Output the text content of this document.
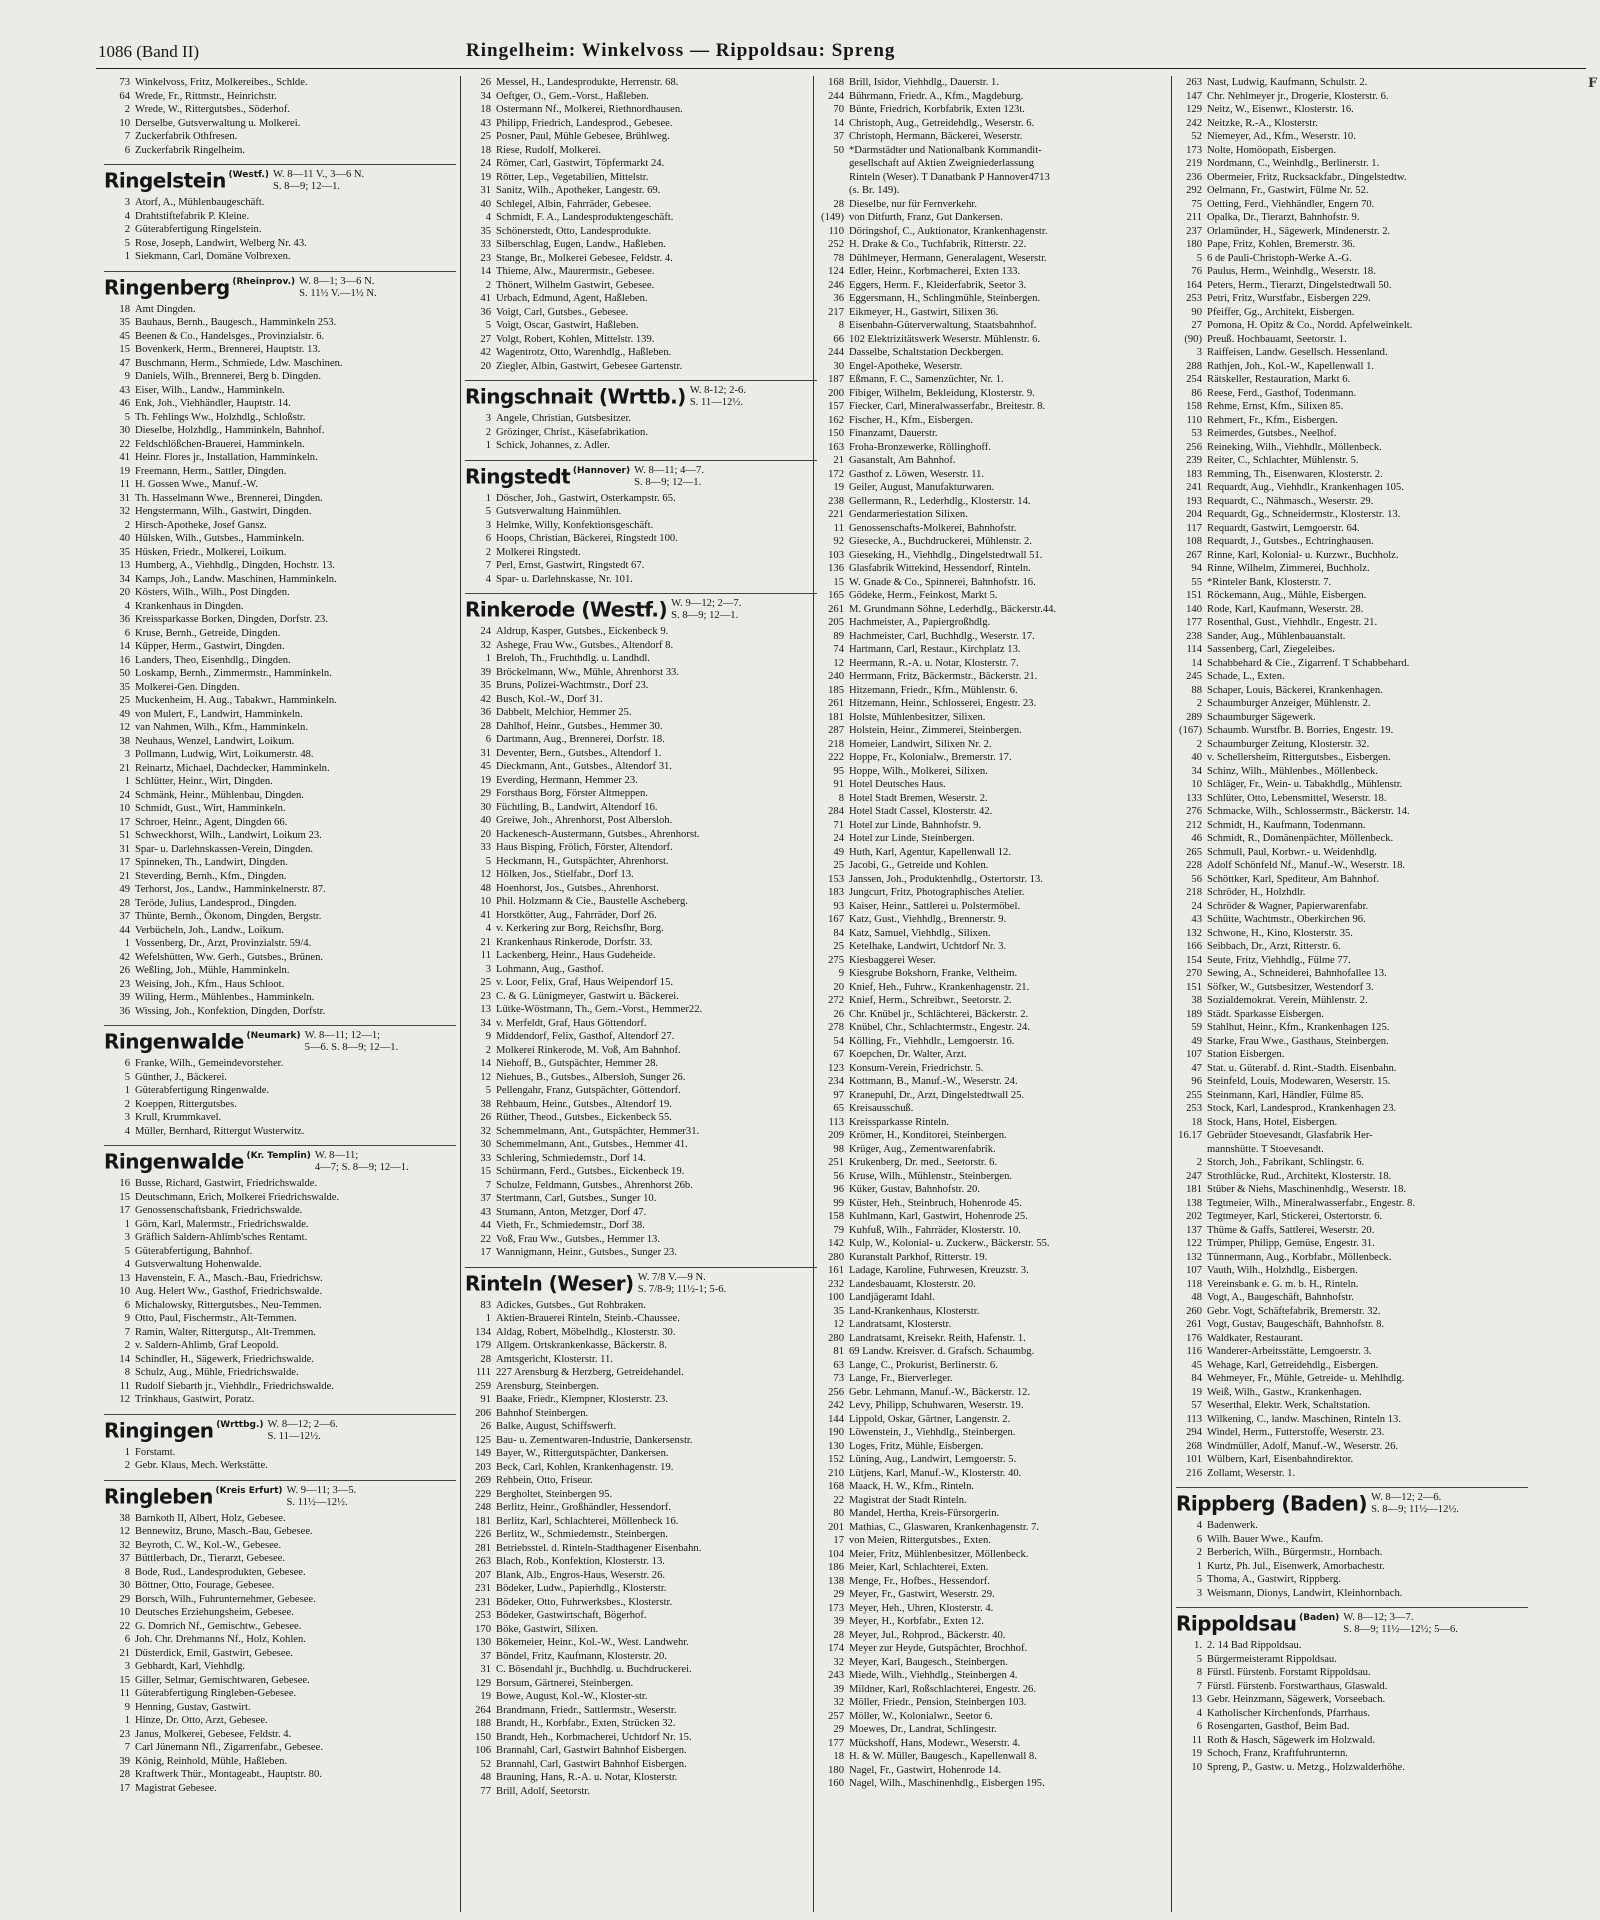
1086 (Band II)	Ringelheim: Winkelvoss — Rippoldsau: Spreng
F
73 Winkelvoss, Fritz, Molkereibes., Schlde.
64 Wrede, Fr., Rittmstr., Heinrichstr.
2 Wrede, W., Rittergutsbes., Söderhof.
10 Derselbe, Gutsverwaltung u. Molkerei.
7 Zuckerfabrik Othfresen.
6 Zuckerfabrik Ringelheim.
Ringelstein $^{(Westf.)}$ W. 8—11 V., 3—6 N.
S. 8—9; 12—1.
3 Atorf, A., Mühlenbaugeschäft.
4 Drahtstiftefabrik P. Kleine.
2 Güterabfertigung Ringelstein.
5 Rose, Joseph, Landwirt, Welberg Nr. 43.
1 Siekmann, Carl, Domäne Volbrexen.
Ringenberg $^{(Rheinprov.)}$ W. 8—1; 3—6 N.
S. 11½ V.—1½ N.
18 Amt Dingden.
35 Bauhaus, Bernh., Baugesch., Hamminkeln 253.
45 Beenen & Co., Handelsges., Provinzialstr. 6.
15 Bovenkerk, Herm., Brennerei, Hauptstr. 13.
47 Buschmann, Herm., Schmiede, Ldw. Maschinen.
9 Daniels, Wilh., Brennerei, Berg b. Dingden.
43 Eiser, Wilh., Landw., Hamminkeln.
46 Enk, Joh., Viehhändler, Hauptstr. 14.
5 Th. Fehlings Ww., Holzhdlg., Schloßstr.
30 Dieselbe, Holzhdlg., Hamminkeln, Bahnhof.
22 Feldschlößchen-Brauerei, Hamminkeln.
41 Heinr. Flores jr., Installation, Hamminkeln.
19 Freemann, Herm., Sattler, Dingden.
11 H. Gossen Wwe., Manuf.-W.
31 Th. Hasselmann Wwe., Brennerei, Dingden.
32 Hengstermann, Wilh., Gastwirt, Dingden.
2 Hirsch-Apotheke, Josef Gansz.
40 Hülsken, Wilh., Gutsbes., Hamminkeln.
35 Hüsken, Friedr., Molkerei, Loikum.
13 Humberg, A., Viehhdlg., Dingden, Hochstr. 13.
34 Kamps, Joh., Landw. Maschinen, Hamminkeln.
20 Kösters, Wilh., Wilh., Post Dingden.
4 Krankenhaus in Dingden.
36 Kreissparkasse Borken, Dingden, Dorfstr. 23.
6 Kruse, Bernh., Getreide, Dingden.
14 Küpper, Herm., Gastwirt, Dingden.
16 Landers, Theo, Eisenhdlg., Dingden.
50 Loskamp, Bernh., Zimmermstr., Hamminkeln.
35 Molkerei-Gen. Dingden.
25 Muckenheim, H. Aug., Tabakwr., Hamminkeln.
49 von Mulert, F., Landwirt, Hamminkeln.
12 van Nahmen, Wilh., Kfm., Hamminkeln.
38 Neuhaus, Wenzel, Landwirt, Loikum.
3 Pollmann, Ludwig, Wirt, Loikumerstr. 48.
21 Reinartz, Michael, Dachdecker, Hamminkeln.
1 Schlütter, Heinr., Wirt, Dingden.
24 Schmänk, Heinr., Mühlenbau, Dingden.
10 Schmidt, Gust., Wirt, Hamminkeln.
17 Schroer, Heinr., Agent, Dingden 66.
51 Schweckhorst, Wilh., Landwirt, Loikum 23.
31 Spar- u. Darlehnskassen-Verein, Dingden.
17 Spinneken, Th., Landwirt, Dingden.
21 Steverding, Bernh., Kfm., Dingden.
49 Terhorst, Jos., Landw., Hamminkelnerstr. 87.
28 Teröde, Julius, Landesprod., Dingden.
37 Thünte, Bernh., Ökonom, Dingden, Bergstr.
44 Verbücheln, Joh., Landw., Loikum.
1 Vossenberg, Dr., Arzt, Provinzialstr. 59/4.
42 Wefelshütten, Ww. Gerh., Gutsbes., Brünen.
26 Weßling, Joh., Mühle, Hamminkeln.
23 Weising, Joh., Kfm., Haus Schloot.
39 Wiling, Herm., Mühlenbes., Hamminkeln.
36 Wissing, Joh., Konfektion, Dingden, Dorfstr.
Ringenwalde $^{(Neumark)}$ W. 8—11; 12—1;
5—6. S. 8—9; 12—1.
6 Franke, Wilh., Gemeindevorsteher.
5 Günther, J., Bäckerei.
1 Güterabfertigung Ringenwalde.
2 Koeppen, Rittergutsbes.
3 Krull, Krummkavel.
4 Müller, Bernhard, Rittergut Wusterwitz.
Ringenwalde $^{(Kr. Templin)}$ W. 8—11;
4—7; S. 8—9; 12—1.
16 Busse, Richard, Gastwirt, Friedrichswalde.
15 Deutschmann, Erich, Molkerei Friedrichswalde.
17 Genossenschaftsbank, Friedrichswalde.
1 Görn, Karl, Malermstr., Friedrichswalde.
3 Gräflich Saldern-Ahlimb'sches Rentamt.
5 Güterabfertigung, Bahnhof.
4 Gutsverwaltung Hohenwalde.
13 Havenstein, F. A., Masch.-Bau, Friedrichsw.
10 Aug. Helert Ww., Gasthof, Friedrichswalde.
6 Michalowsky, Rittergutsbes., Neu-Temmen.
9 Otto, Paul, Fischermstr., Alt-Temmen.
7 Ramin, Walter, Rittergutsp., Alt-Tremmen.
2 v. Saldern-Ahlimb, Graf Leopold.
14 Schindler, H., Sägewerk, Friedrichswalde.
8 Schulz, Aug., Mühle, Friedrichswalde.
11 Rudolf Siebarth jr., Viehhdlr., Friedrichswalde.
12 Trinkhaus, Gastwirt, Poratz.
Ringingen $^{(Wrttbg.)}$ W. 8—12; 2—6.
S. 11—12½.
1 Forstamt.
2 Gebr. Klaus, Mech. Werkstätte.
Ringleben $^{(Kreis Erfurt)}$ W. 9—11; 3—5.
S. 11½—12½.
38 Barnkoth II, Albert, Holz, Gebesee.
12 Bennewitz, Bruno, Masch.-Bau, Gebesee.
32 Beyroth, C. W., Kol.-W., Gebesee.
37 Büttlerbach, Dr., Tierarzt, Gebesee.
8 Bode, Rud., Landesprodukten, Gebesee.
30 Böttner, Otto, Fourage, Gebesee.
29 Borsch, Wilh., Fuhrunternehmer, Gebesee.
10 Deutsches Erziehungsheim, Gebesee.
22 G. Domrich Nf., Gemischtw., Gebesee.
6 Joh. Chr. Drehmanns Nf., Holz, Kohlen.
21 Düsterdick, Emil, Gastwirt, Gebesee.
3 Gebhardt, Karl, Viehhdlg.
15 Giller, Selmar, Gemischtwaren, Gebesee.
11 Güterabfertigung Ringleben-Gebesee.
9 Henning, Gustav, Gastwirt.
1 Hinze, Dr. Otto, Arzt, Gebesee.
23 Janus, Molkerei, Gebesee, Feldstr. 4.
7 Carl Jünemann Nfl., Zigarrenfabr., Gebesee.
39 König, Reinhold, Mühle, Haßleben.
28 Kraftwerk Thür., Montageabt., Hauptstr. 80.
17 Magistrat Gebesee.
26 Messel, H., Landesprodukte, Herrenstr. 68.
34 Oeftger, O., Gem.-Vorst., Haßleben.
18 Ostermann Nf., Molkerei, Riethnordhausen.
43 Philipp, Friedrich, Landesprod., Gebesee.
25 Posner, Paul, Mühle Gebesee, Brühlweg.
18 Riese, Rudolf, Molkerei.
24 Römer, Carl, Gastwirt, Töpfermarkt 24.
19 Rötter, Lep., Vegetabilien, Mittelstr.
31 Sanitz, Wilh., Apotheker, Langestr. 69.
40 Schlegel, Albin, Fahrräder, Gebesee.
4 Schmidt, F. A., Landesproduktengeschäft.
35 Schönerstedt, Otto, Landesprodukte.
33 Silberschlag, Eugen, Landw., Haßleben.
23 Stange, Br., Molkerei Gebesee, Feldstr. 4.
14 Thieme, Alw., Maurermstr., Gebesee.
2 Thönert, Wilhelm Gastwirt, Gebesee.
41 Urbach, Edmund, Agent, Haßleben.
36 Voigt, Carl, Gutsbes., Gebesee.
5 Voigt, Oscar, Gastwirt, Haßleben.
27 Volgt, Robert, Kohlen, Mittelstr. 139.
42 Wagentrotz, Otto, Warenhdlg., Haßleben.
20 Ziegler, Albin, Gastwirt, Gebesee Gartenstr.
Ringschnait (Wrttb.) W. 8-12; 2-6.
S. 11—12½.
3 Angele, Christian, Gutsbesitzer.
2 Grözinger, Christ., Käsefabrikation.
1 Schick, Johannes, z. Adler.
Ringstedt $^{(Hannover)}$ W. 8—11; 4—7.
S. 8—9; 12—1.
1 Döscher, Joh., Gastwirt, Osterkampstr. 65.
5 Gutsverwaltung Hainmühlen.
3 Helmke, Willy, Konfektionsgeschäft.
6 Hoops, Christian, Bäckerei, Ringstedt 100.
2 Molkerei Ringstedt.
7 Perl, Ernst, Gastwirt, Ringstedt 67.
4 Spar- u. Darlehnskasse, Nr. 101.
Rinkerode (Westf.) W. 9—12; 2—7.
S. 8—9; 12—1.
24 Aldrup, Kasper, Gutsbes., Eickenbeck 9.
32 Ashege, Frau Ww., Gutsbes., Altendorf 8.
1 Breloh, Th., Fruchthdlg. u. Landhdl.
39 Bröckelmann, Ww., Mühle, Ahrenhorst 33.
35 Bruns, Polizei-Wachtmstr., Dorf 23.
42 Busch, Kol.-W., Dorf 31.
36 Dabbelt, Melchior, Hemmer 25.
28 Dahlhof, Heinr., Gutsbes., Hemmer 30.
6 Dartmann, Aug., Brennerei, Dorfstr. 18.
31 Deventer, Bern., Gutsbes., Altendorf 1.
45 Dieckmann, Ant., Gutsbes., Altendorf 31.
19 Everding, Hermann, Hemmer 23.
29 Forsthaus Borg, Förster Altmeppen.
30 Füchtling, B., Landwirt, Altendorf 16.
40 Greiwe, Joh., Ahrenhorst, Post Albersloh.
20 Hackenesch-Austermann, Gutsbes., Ahrenhorst.
33 Haus Bisping, Frölich, Förster, Altendorf.
5 Heckmann, H., Gutspächter, Ahrenhorst.
12 Hölken, Jos., Stielfabr., Dorf 13.
48 Hoenhorst, Jos., Gutsbes., Ahrenhorst.
10 Phil. Holzmann & Cie., Baustelle Ascheberg.
41 Horstkötter, Aug., Fahrräder, Dorf 26.
4 v. Kerkering zur Borg, Reichsfhr, Borg.
21 Krankenhaus Rinkerode, Dorfstr. 33.
11 Lackenberg, Heinr., Haus Gudeheide.
3 Lohmann, Aug., Gasthof.
25 v. Loor, Felix, Graf, Haus Weipendorf 15.
23 C. & G. Lünigmeyer, Gastwirt u. Bäckerei.
13 Lütke-Wöstmann, Th., Gem.-Vorst., Hemmer22.
34 v. Merfeldt, Graf, Haus Göttendorf.
9 Middendorf, Felix, Gasthof, Altendorf 27.
2 Molkerei Rinkerode, M. Voß, Am Bahnhof.
14 Niehoff, B., Gutspächter, Hemmer 28.
12 Niehues, B., Gutsbes., Albersloh, Sunger 26.
5 Pellengahr, Franz, Gutspächter, Göttendorf.
38 Rehbaum, Heinr., Gutsbes., Altendorf 19.
26 Rüther, Theod., Gutsbes., Eickenbeck 55.
32 Schemmelmann, Ant., Gutspächter, Hemmer31.
30 Schemmelmann, Ant., Gutsbes., Hemmer 41.
33 Schlering, Schmiedemstr., Dorf 14.
15 Schürmann, Ferd., Gutsbes., Eickenbeck 19.
7 Schulze, Feldmann, Gutsbes., Ahrenhorst 26b.
37 Stertmann, Carl, Gutsbes., Sunger 10.
43 Stumann, Anton, Metzger, Dorf 47.
44 Vieth, Fr., Schmiedemstr., Dorf 38.
22 Voß, Frau Ww., Gutsbes., Hemmer 13.
17 Wannigmann, Heinr., Gutsbes., Sunger 23.
Rinteln (Weser) W. 7/8 V.—9 N.
S. 7/8-9; 11½-1; 5-6.
83 Adickes, Gutsbes., Gut Rohbraken.
1 Aktien-Brauerei Rinteln, Steinb.-Chaussee.
134 Aldag, Robert, Möbelhdlg., Klosterstr. 30.
179 Allgem. Ortskrankenkasse, Bäckerstr. 8.
28 Amtsgericht, Klosterstr. 11.
111 227 Arensburg & Herzberg, Getreidehandel.
259 Arensburg, Steinbergen.
91 Baake, Friedr., Klempner, Klosterstr. 23.
206 Bahnhof Steinbergen.
26 Balke, August, Schiffswerft.
125 Bau- u. Zementwaren-Industrie, Dankersenstr.
149 Bayer, W., Rittergutspächter, Dankersen.
203 Beck, Carl, Kohlen, Krankenhagenstr. 19.
269 Rehbein, Otto, Friseur.
229 Bergholtet, Steinbergen 95.
248 Berlitz, Heinr., Großhändler, Hessendorf.
181 Berlitz, Karl, Schlachterei, Möllenbeck 16.
226 Berlitz, W., Schmiedemstr., Steinbergen.
281 Betriebsstel. d. Rinteln-Stadthagener Eisenbahn.
263 Blach, Rob., Konfektion, Klosterstr. 13.
207 Blank, Alb., Engros-Haus, Weserstr. 26.
231 Bödeker, Ludw., Papierhdlg., Klosterstr.
231 Bödeker, Otto, Fuhrwerksbes., Klosterstr.
253 Bödeker, Gastwirtschaft, Bögerhof.
170 Böke, Gastwirt, Silixen.
130 Bökemeier, Heinr., Kol.-W., West. Landwehr.
37 Böndel, Fritz, Kaufmann, Klosterstr. 20.
31 C. Bösendahl jr., Buchhdlg. u. Buchdruckerei.
129 Borsum, Gärtnerei, Steinbergen.
19 Bowe, August, Kol.-W., Kloster-str.
264 Brandmann, Friedr., Sattlermstr., Weserstr.
188 Brandt, H., Korbfabr., Exten, Strücken 32.
150 Brandt, Heh., Korbmacherei, Uchtdorf Nr. 15.
106 Brannahl, Carl, Gastwirt Bahnhof Eisbergen.
52 Brannahl, Carl, Gastwirt Bahnhof Eisbergen.
48 Brauning, Hans, R.-A. u. Notar, Klosterstr.
77 Brill, Adolf, Seetorstr.
168 Brill, Isidor, Viehhdlg., Dauerstr. 1.
244 Bührmann, Friedr. A., Kfm., Magdeburg.
70 Bünte, Friedrich, Korbfabrik, Exten 123t.
14 Christoph, Aug., Getreidehdlg., Weserstr. 6.
37 Christoph, Hermann, Bäckerei, Weserstr.
50 *Darmstädter und Nationalbank Kommandit-
gesellschaft auf Aktien Zweigniederlassung
Rinteln (Weser). T Danatbank P Hannover4713
(s. Br. 149).
28 Dieselbe, nur für Fernverkehr.
(149) von Ditfurth, Franz, Gut Dankersen.
110 Döringshof, C., Auktionator, Krankenhagenstr.
252 H. Drake & Co., Tuchfabrik, Ritterstr. 22.
78 Dühlmeyer, Hermann, Generalagent, Weserstr.
124 Edler, Heinr., Korbmacherei, Exten 133.
246 Eggers, Herm. F., Kleiderfabrik, Seetor 3.
36 Eggersmann, H., Schlingmühle, Steinbergen.
217 Eikmeyer, H., Gastwirt, Silixen 36.
8 Eisenbahn-Güterverwaltung, Staatsbahnhof.
66 102 Elektrizitätswerk Weserstr. Mühlenstr. 6.
244 Dasselbe, Schaltstation Deckbergen.
30 Engel-Apotheke, Weserstr.
187 Eßmann, F. C., Samenzüchter, Nr. 1.
200 Fibiger, Wilhelm, Bekleidung, Klosterstr. 9.
157 Fiecker, Carl, Mineralwasserfabr., Breitestr. 8.
162 Fischer, H., Kfm., Eisbergen.
150 Finanzamt, Dauerstr.
163 Froha-Bronzewerke, Röllinghoff.
21 Gasanstalt, Am Bahnhof.
172 Gasthof z. Löwen, Weserstr. 11.
19 Geiler, August, Manufakturwaren.
238 Gellermann, R., Lederhdlg., Klosterstr. 14.
221 Gendarmeriestation Silixen.
11 Genossenschafts-Molkerei, Bahnhofstr.
92 Giesecke, A., Buchdruckerei, Mühlenstr. 2.
103 Gieseking, H., Viehhdlg., Dingelstedtwall 51.
136 Glasfabrik Wittekind, Hessendorf, Rinteln.
15 W. Gnade & Co., Spinnerei, Bahnhofstr. 16.
165 Gödeke, Herm., Feinkost, Markt 5.
261 M. Grundmann Söhne, Lederhdlg., Bäckerstr.44.
205 Hachmeister, A., Papiergroßhdlg.
89 Hachmeister, Carl, Buchhdlg., Weserstr. 17.
74 Hartmann, Carl, Restaur., Kirchplatz 13.
12 Heermann, R.-A. u. Notar, Klosterstr. 7.
240 Herrmann, Fritz, Bäckermstr., Bäckerstr. 21.
185 Hitzemann, Friedr., Kfm., Mühlenstr. 6.
261 Hitzemann, Heinr., Schlosserei, Engestr. 23.
181 Holste, Mühlenbesitzer, Silixen.
287 Holstein, Heinr., Zimmerei, Steinbergen.
218 Homeier, Landwirt, Silixen Nr. 2.
222 Hoppe, Fr., Kolonialw., Bremerstr. 17.
95 Hoppe, Wilh., Molkerei, Silixen.
91 Hotel Deutsches Haus.
8 Hotel Stadt Bremen, Weserstr. 2.
284 Hotel Stadt Cassel, Klosterstr. 42.
71 Hotel zur Linde, Bahnhofstr. 9.
24 Hotel zur Linde, Steinbergen.
49 Huth, Karl, Agentur, Kapellenwall 12.
25 Jacobi, G., Getreide und Kohlen.
153 Janssen, Joh., Produktenhdlg., Ostertorstr. 13.
183 Jungcurt, Fritz, Photographisches Atelier.
93 Kaiser, Heinr., Sattlerei u. Polstermöbel.
167 Katz, Gust., Viehhdlg., Brennerstr. 9.
84 Katz, Samuel, Viehhdlg., Silixen.
25 Ketelhake, Landwirt, Uchtdorf Nr. 3.
275 Kiesbaggerei Weser.
9 Kiesgrube Bokshorn, Franke, Veltheim.
20 Knief, Heh., Fuhrw., Krankenhagenstr. 21.
272 Knief, Herm., Schreibwr., Seetorstr. 2.
26 Chr. Knübel jr., Schlächterei, Bäckerstr. 2.
278 Knübel, Chr., Schlachtermstr., Engestr. 24.
54 Kölling, Fr., Viehhdlr., Lemgoerstr. 16.
67 Koepchen, Dr. Walter, Arzt.
123 Konsum-Verein, Friedrichstr. 5.
234 Kottmann, B., Manuf.-W., Weserstr. 24.
97 Kranepuhl, Dr., Arzt, Dingelstedtwall 25.
65 Kreisausschuß.
113 Kreissparkasse Rinteln.
209 Krömer, H., Konditorei, Steinbergen.
98 Krüger, Aug., Zementwarenfabrik.
251 Krukenberg, Dr. med., Seetorstr. 6.
56 Kruse, Wilh., Mühlenstr., Steinbergen.
96 Küker, Gustav, Bahnhofstr. 20.
99 Küster, Heh., Steinbruch, Hohenrode 45.
158 Kuhlmann, Karl, Gastwirt, Hohenrode 25.
79 Kuhfuß, Wilh., Fahrräder, Klosterstr. 10.
142 Kulp, W., Kolonial- u. Zuckerw., Bäckerstr. 55.
280 Kuranstalt Parkhof, Ritterstr. 19.
161 Ladage, Karoline, Fuhrwesen, Kreuzstr. 3.
232 Landesbauamt, Klosterstr. 20.
100 Landjägeramt Idahl.
35 Land-Krankenhaus, Klosterstr.
12 Landratsamt, Klosterstr.
280 Landratsamt, Kreisekr. Reith, Hafenstr. 1.
81 69 Landw. Kreisver. d. Grafsch. Schaumbg.
63 Lange, C., Prokurist, Berlinerstr. 6.
73 Lange, Fr., Bierverleger.
256 Gebr. Lehmann, Manuf.-W., Bäckerstr. 12.
242 Levy, Philipp, Schuhwaren, Weserstr. 19.
144 Lippold, Oskar, Gärtner, Langenstr. 2.
190 Löwenstein, J., Viehhdlg., Steinbergen.
130 Loges, Fritz, Mühle, Eisbergen.
152 Lüning, Aug., Landwirt, Lemgoerstr. 5.
210 Lütjens, Karl, Manuf.-W., Klosterstr. 40.
168 Maack, H. W., Kfm., Rinteln.
22 Magistrat der Stadt Rinteln.
80 Mandel, Hertha, Kreis-Fürsorgerin.
201 Mathias, C., Glaswaren, Krankenhagenstr. 7.
17 von Meien, Rittergutsbes., Exten.
104 Meier, Fritz, Mühlenbesitzer, Möllenbeck.
186 Meier, Karl, Schlachterei, Exten.
138 Menge, Fr., Hofbes., Hessendorf.
29 Meyer, Fr., Gastwirt, Weserstr. 29.
173 Meyer, Heh., Uhren, Klosterstr. 4.
39 Meyer, H., Korbfabr., Exten 12.
28 Meyer, Jul., Rohprod., Bäckerstr. 40.
174 Meyer zur Heyde, Gutspächter, Brochhof.
32 Meyer, Karl, Baugesch., Steinbergen.
243 Miede, Wilh., Viehhdlg., Steinbergen 4.
39 Mildner, Karl, Roßschlachterei, Engestr. 26.
32 Möller, Friedr., Pension, Steinbergen 103.
257 Möller, W., Kolonialwr., Seetor 6.
29 Moewes, Dr., Landrat, Schlingestr.
177 Mückshoff, Hans, Modewr., Weserstr. 4.
18 H. & W. Müller, Baugesch., Kapellenwall 8.
180 Nagel, Fr., Gastwirt, Hohenrode 14.
160 Nagel, Wilh., Maschinenhdlg., Eisbergen 195.
263 Nast, Ludwig, Kaufmann, Schulstr. 2.
147 Chr. Nehlmeyer jr., Drogerie, Klosterstr. 6.
129 Neitz, W., Eisenwr., Klosterstr. 16.
242 Neitzke, R.-A., Klosterstr.
52 Niemeyer, Ad., Kfm., Weserstr. 10.
173 Nolte, Homöopath, Eisbergen.
219 Nordmann, C., Weinhdlg., Berlinerstr. 1.
236 Obermeier, Fritz, Rucksackfabr., Dingelstedtw.
292 Oelmann, Fr., Gastwirt, Fülme Nr. 52.
75 Oetting, Ferd., Viehhändler, Engern 70.
211 Opalka, Dr., Tierarzt, Bahnhofstr. 9.
237 Orlamünder, H., Sägewerk, Mindenerstr. 2.
180 Pape, Fritz, Kohlen, Bremerstr. 36.
5 6 de Pauli-Christoph-Werke A.-G.
76 Paulus, Herm., Weinhdlg., Weserstr. 18.
164 Peters, Herm., Tierarzt, Dingelstedtwall 50.
253 Petri, Fritz, Wurstfabr., Eisbergen 229.
90 Pfeiffer, Gg., Architekt, Eisbergen.
27 Pomona, H. Opitz & Co., Nordd. Apfelweinkelt.
(90) Preuß. Hochbauamt, Seetorstr. 1.
3 Raiffeisen, Landw. Gesellsch. Hessenland.
288 Rathjen, Joh., Kol.-W., Kapellenwall 1.
254 Rätskeller, Restauration, Markt 6.
86 Reese, Ferd., Gasthof, Todenmann.
158 Rehme, Ernst, Kfm., Silixen 85.
110 Rehmert, Fr., Kfm., Eisbergen.
53 Reimerdes, Gutsbes., Neelhof.
256 Reineking, Wilh., Viehhdlr., Möllenbeck.
239 Reiter, C., Schlachter, Mühlenstr. 5.
183 Remming, Th., Eisenwaren, Klosterstr. 2.
241 Requardt, Aug., Viehhdlr., Krankenhagen 105.
193 Requardt, C., Nähmasch., Weserstr. 29.
204 Requardt, Gg., Schneidermstr., Klosterstr. 13.
117 Requardt, Gastwirt, Lemgoerstr. 64.
108 Requardt, J., Gutsbes., Echtringhausen.
267 Rinne, Karl, Kolonial- u. Kurzwr., Buchholz.
94 Rinne, Wilhelm, Zimmerei, Buchholz.
55 *Rinteler Bank, Klosterstr. 7.
151 Röckemann, Aug., Mühle, Eisbergen.
140 Rode, Karl, Kaufmann, Weserstr. 28.
177 Rosenthal, Gust., Viehhdlr., Engestr. 21.
238 Sander, Aug., Mühlenbauanstalt.
114 Sassenberg, Carl, Ziegeleibes.
14 Schabbehard & Cie., Zigarrenf. T Schabbehard.
245 Schade, L., Exten.
88 Schaper, Louis, Bäckerei, Krankenhagen.
2 Schaumburger Anzeiger, Mühlenstr. 2.
289 Schaumburger Sägewerk.
(167) Schaumb. Wurstfbr. B. Borries, Engestr. 19.
2 Schaumburger Zeitung, Klosterstr. 32.
40 v. Schellersheim, Rittergutsbes., Eisbergen.
34 Schinz, Wilh., Mühlenbes., Möllenbeck.
10 Schläger, Fr., Wein- u. Tabakhdlg., Mühlenstr.
133 Schlüter, Otto, Lebensmittel, Weserstr. 18.
276 Schmacke, Wilh., Schlossermstr., Bäckerstr. 14.
212 Schmidt, H., Kaufmann, Todenmann.
46 Schmidt, R., Domänenpächter, Möllenbeck.
265 Schmull, Paul, Korbwr.- u. Weidenhdlg.
228 Adolf Schönfeld Nf., Manuf.-W., Weserstr. 18.
56 Schöttker, Karl, Spediteur, Am Bahnhof.
218 Schröder, H., Holzhdlr.
24 Schröder & Wagner, Papierwarenfabr.
43 Schütte, Wachtmstr., Oberkirchen 96.
132 Schwone, H., Kino, Klosterstr. 35.
166 Seibbach, Dr., Arzt, Ritterstr. 6.
154 Seute, Fritz, Viehhdlg., Fülme 77.
270 Sewing, A., Schneiderei, Bahnhofallee 13.
151 Söfker, W., Gutsbesitzer, Westendorf 3.
38 Sozialdemokrat. Verein, Mühlenstr. 2.
189 Städt. Sparkasse Eisbergen.
59 Stahlhut, Heinr., Kfm., Krankenhagen 125.
49 Starke, Frau Wwe., Gasthaus, Steinbergen.
107 Station Eisbergen.
47 Stat. u. Güterabf. d. Rint.-Stadth. Eisenbahn.
96 Steinfeld, Louis, Modewaren, Weserstr. 15.
255 Steinmann, Karl, Händler, Fülme 85.
253 Stock, Karl, Landesprod., Krankenhagen 23.
18 Stock, Hans, Hotel, Eisbergen.
16.17 Gebrüder Stoevesandt, Glasfabrik Her-
mannshütte. T Stoevesandt.
2 Storch, Joh., Fabrikant, Schlingstr. 6.
247 Strothlücke, Rud., Architekt, Klosterstr. 18.
181 Stüber & Niehs, Maschinenhdlg., Weserstr. 18.
138 Tegtmeier, Wilh., Mineralwasserfabr., Engestr. 8.
202 Tegtmeyer, Karl, Stickerei, Ostertorstr. 6.
137 Thüme & Gaffs, Sattlerei, Weserstr. 20.
122 Trümper, Philipp, Gemüse, Engestr. 31.
132 Tünnermann, Aug., Korbfabr., Möllenbeck.
107 Vauth, Wilh., Holzhdlg., Eisbergen.
118 Vereinsbank e. G. m. b. H., Rinteln.
48 Vogt, A., Baugeschäft, Bahnhofstr.
260 Gebr. Vogt, Schäftefabrik, Bremerstr. 32.
261 Vogt, Gustav, Baugeschäft, Bahnhofstr. 8.
176 Waldkater, Restaurant.
116 Wanderer-Arbeitsstätte, Lemgoerstr. 3.
45 Wehage, Karl, Getreidehdlg., Eisbergen.
84 Wehmeyer, Fr., Mühle, Getreide- u. Mehlhdlg.
19 Weiß, Wilh., Gastw., Krankenhagen.
57 Weserthal, Elektr. Werk, Schaltstation.
113 Wilkening, C., landw. Maschinen, Rinteln 13.
294 Windel, Herm., Futterstoffe, Weserstr. 23.
268 Windmüller, Adolf, Manuf.-W., Weserstr. 26.
101 Wülbern, Karl, Eisenbahndirektor.
216 Zollamt, Weserstr. 1.
Rippberg (Baden) W. 8—12; 2—6.
S. 8—9; 11½—12½.
4 Badenwerk.
6 Wilh. Bauer Wwe., Kaufm.
2 Berberich, Wilh., Bürgermstr., Hornbach.
1 Kurtz, Ph. Jul., Eisenwerk, Amorbachestr.
5 Thoma, A., Gastwirt, Rippberg.
3 Weismann, Dionys, Landwirt, Kleinhornbach.
Rippoldsau $^{(Baden)}$ W. 8—12; 3—7.
S. 8—9; 11½—12½; 5—6.
1. 2. 14 Bad Rippoldsau.
5 Bürgermeisteramt Rippoldsau.
8 Fürstl. Fürstenb. Forstamt Rippoldsau.
7 Fürstl. Fürstenb. Forstwarthaus, Glaswald.
13 Gebr. Heinzmann, Sägewerk, Vorseebach.
4 Katholischer Kirchenfonds, Pfarrhaus.
6 Rosengarten, Gasthof, Beim Bad.
11 Roth & Hasch, Sägewerk im Holzwald.
19 Schoch, Franz, Kraftfuhrunternn.
10 Spreng, P., Gastw. u. Metzg., Holzwalderhöhe.
